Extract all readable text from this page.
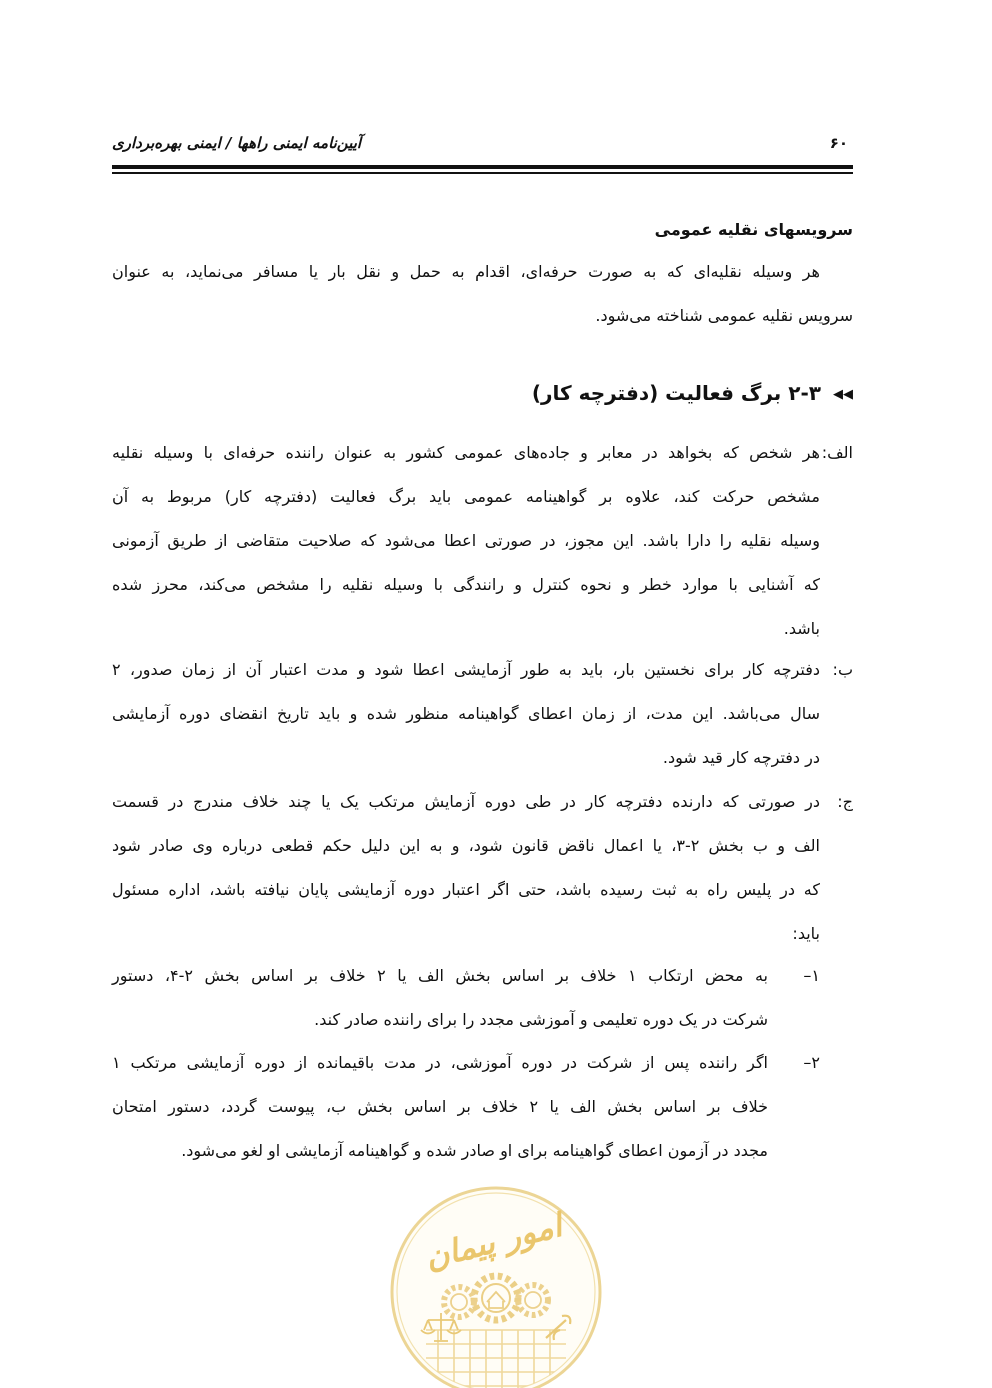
آیین‌نامه ایمنی راهها / ایمنی بهره‌برداری	۶۰
سرویسهای نقلیه عمومی
هر وسیله نقلیه‌ای که به صورت حرفه‌ای، اقدام به حمل و نقل بار یا مسافر می‌نماید، به عنوان
سرویس نقلیه عمومی شناخته می‌شود.
◀◀۲-۳ برگ فعالیت (دفترچه کار)
الف:
هر شخص که بخواهد در معابر و جاده‌های عمومی کشور به عنوان راننده حرفه‌ای با وسیله نقلیه
مشخص حرکت کند، علاوه بر گواهینامه عمومی باید برگ فعالیت (دفترچه کار) مربوط به آن
وسیله نقلیه را دارا باشد. این مجوز، در صورتی اعطا می‌شود که صلاحیت متقاضی از طریق آزمونی
که آشنایی با موارد خطر و نحوه کنترل و رانندگی با وسیله نقلیه را مشخص می‌کند، محرز شده
باشد.
ب:
دفترچه کار برای نخستین بار، باید به طور آزمایشی اعطا شود و مدت اعتبار آن از زمان صدور، ۲
سال می‌باشد. این مدت، از زمان اعطای گواهینامه منظور شده و باید تاریخ انقضای دوره آزمایشی
در دفترچه کار قید شود.
ج:
در صورتی که دارنده دفترچه کار در طی دوره آزمایش مرتکب یک یا چند خلاف مندرج در قسمت
الف و ب بخش ۲-۳، یا اعمال ناقض قانون شود، و به این دلیل حکم قطعی درباره وی صادر شود
که در پلیس راه به ثبت رسیده باشد، حتی اگر اعتبار دوره آزمایشی پایان نیافته باشد، اداره مسئول
باید:
۱–
به محض ارتکاب ۱ خلاف بر اساس بخش الف یا ۲ خلاف بر اساس بخش ۲-۴، دستور
شرکت در یک دوره تعلیمی و آموزشی مجدد را برای راننده صادر کند.
۲–
اگر راننده پس از شرکت در دوره آموزشی، در مدت باقیمانده از دوره آزمایشی مرتکب ۱
خلاف بر اساس بخش الف یا ۲ خلاف بر اساس بخش ب، پیوست گردد، دستور امتحان
مجدد در آزمون اعطای گواهینامه برای او صادر شده و گواهینامه آزمایشی او لغو می‌شود.
امور پیمان
